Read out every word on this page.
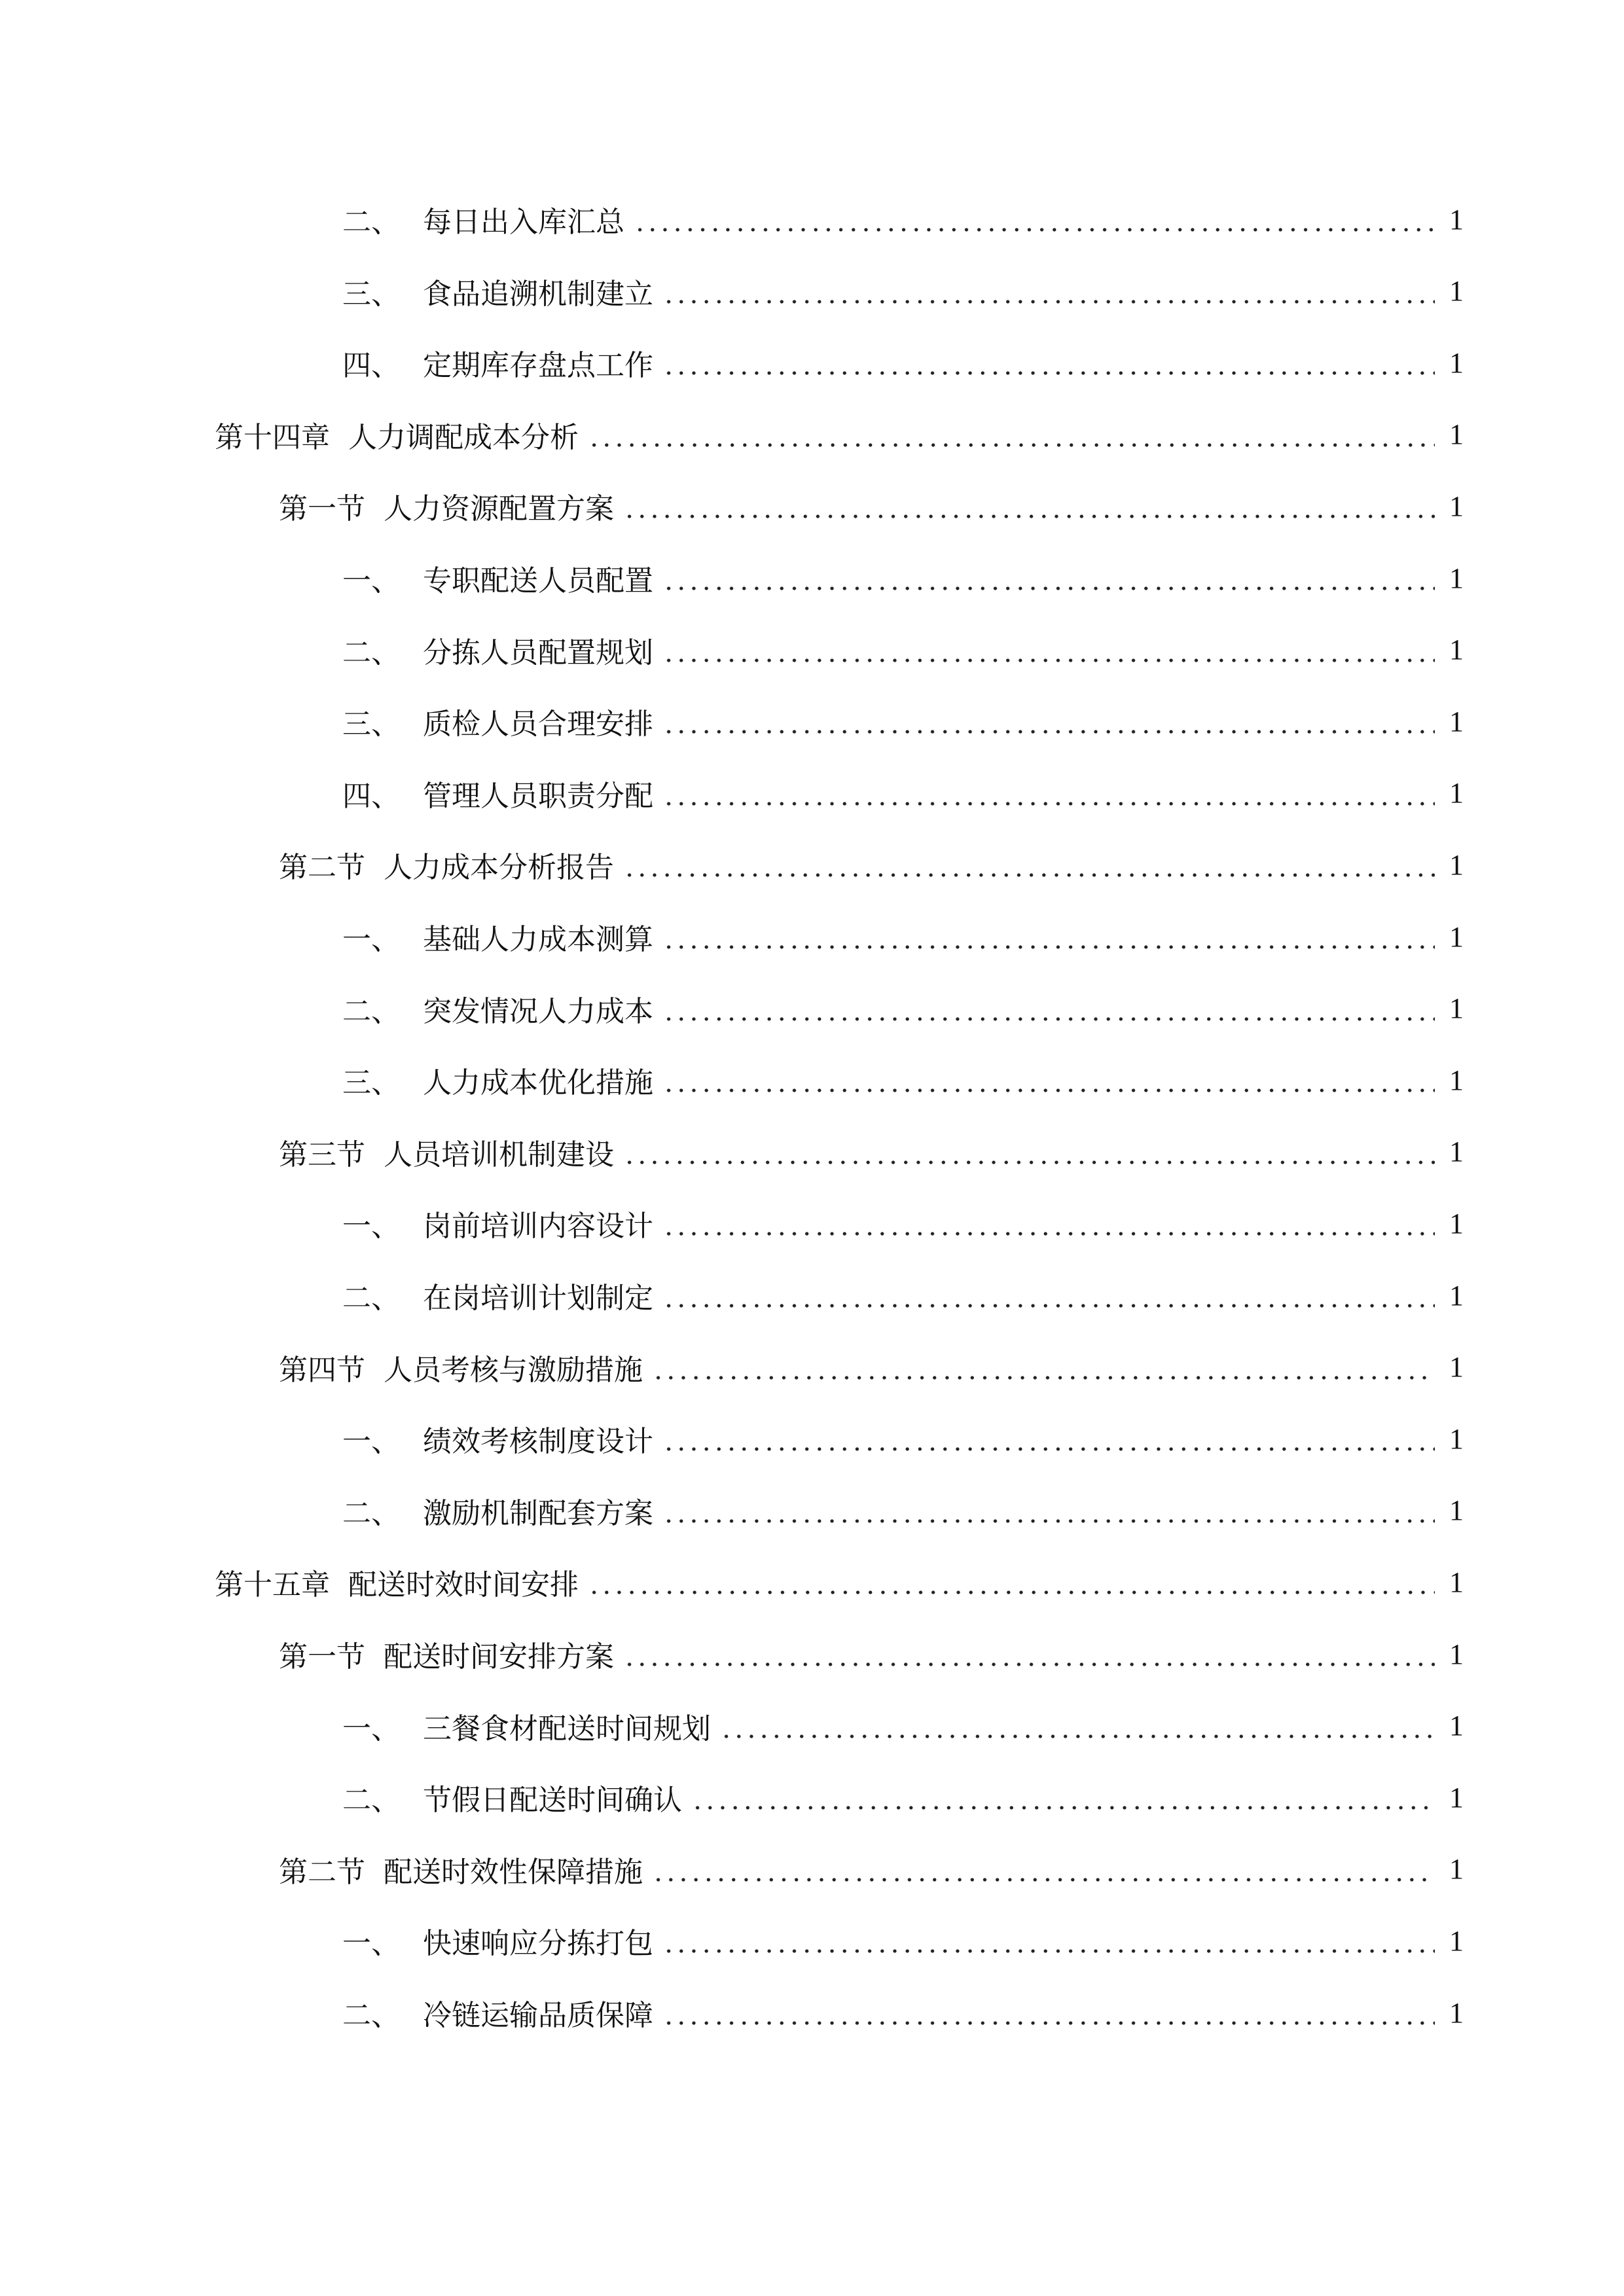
二、 每日出入库汇总	1
三、 食品追溯机制建立	1
四、 定期库存盘点工作	1
第十四章 人力调配成本分析	1
第一节 人力资源配置方案	1
一、 专职配送人员配置	1
二、 分拣人员配置规划	1
三、 质检人员合理安排	1
四、 管理人员职责分配	1
第二节 人力成本分析报告	1
一、 基础人力成本测算	1
二、 突发情况人力成本	1
三、 人力成本优化措施	1
第三节 人员培训机制建设	1
一、 岗前培训内容设计	1
二、 在岗培训计划制定	1
第四节 人员考核与激励措施	1
一、 绩效考核制度设计	1
二、 激励机制配套方案	1
第十五章 配送时效时间安排	1
第一节 配送时间安排方案	1
一、 三餐食材配送时间规划	1
二、 节假日配送时间确认	1
第二节 配送时效性保障措施	1
一、 快速响应分拣打包	1
二、 冷链运输品质保障	1
